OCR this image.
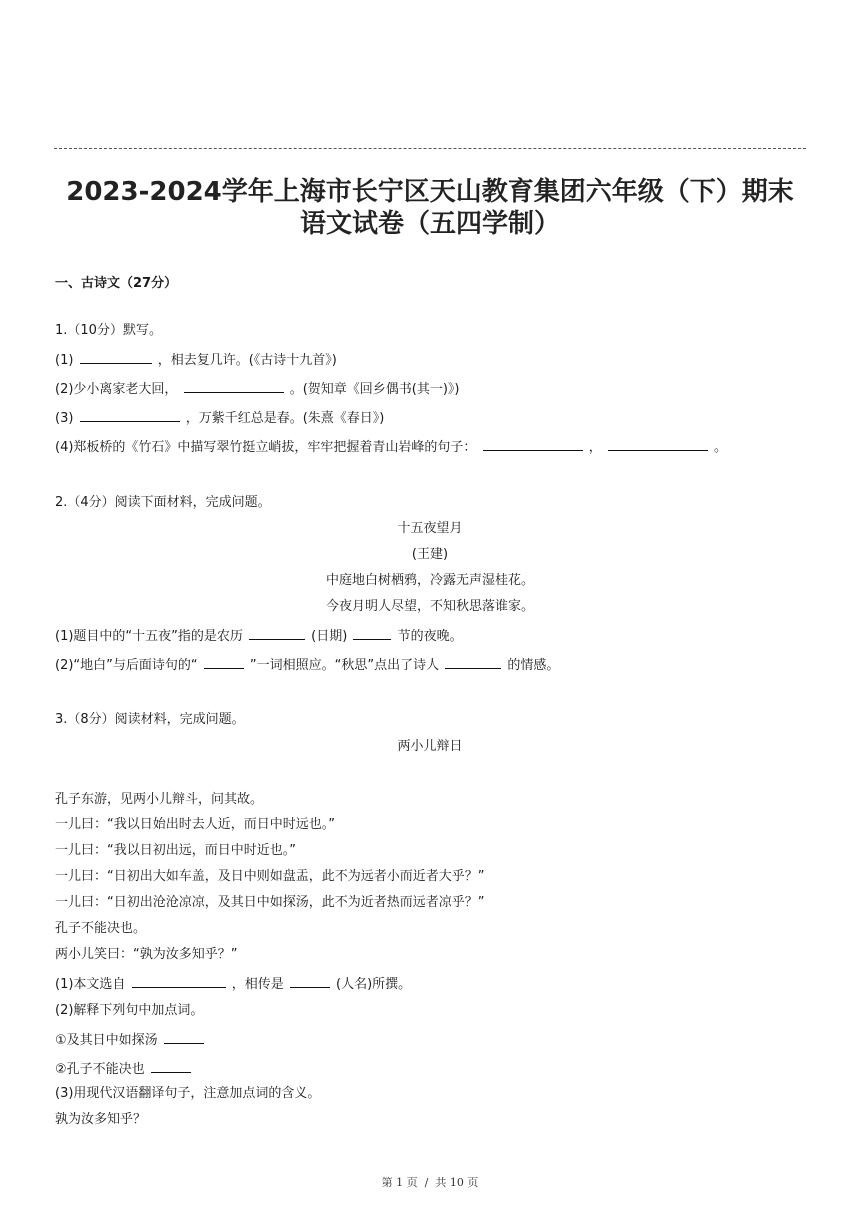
2023-2024学年上海市长宁区天山教育集团六年级（下）期末
语文试卷（五四学制）
一、古诗文（27分）
1.（10分）默写。
(1)	，相去复几许。(《古诗十九首》)
(2)少小离家老大回，	。(贺知章《回乡偶书(其一)》)
(3)	，万紫千红总是春。(朱熹《春日》)
(4)郑板桥的《竹石》中描写翠竹挺立峭拔，牢牢把握着青山岩峰的句子：	，	。
2.（4分）阅读下面材料，完成问题。
十五夜望月
(王建)
中庭地白树栖鸦，冷露无声湿桂花。
今夜月明人尽望，不知秋思落谁家。
(1)题目中的“十五夜”指的是农历	(日期)	节的夜晚。
(2)“地白”与后面诗句的“	”一词相照应。“秋思”点出了诗人	的情感。
3.（8分）阅读材料，完成问题。
两小儿辩日
孔子东游，见两小儿辩斗，问其故。
一儿曰：“我以日始出时去人近，而日中时远也。”
一儿曰：“我以日初出远，而日中时近也。”
一儿曰：“日初出大如车盖，及日中则如盘盂，此不为远者小而近者大乎？”
一儿曰：“日初出沧沧凉凉，及其日中如探汤，此不为近者热而远者凉乎？”
孔子不能决也。
两小儿笑曰：“孰为汝多知乎？”
(1)本文选自	，相传是	(人名)所撰。
(2)解释下列句中加点词。
①及其日中如探汤
②孔子不能决也
(3)用现代汉语翻译句子，注意加点词的含义。
孰为汝多知乎？
第 1 页  /  共 10 页
